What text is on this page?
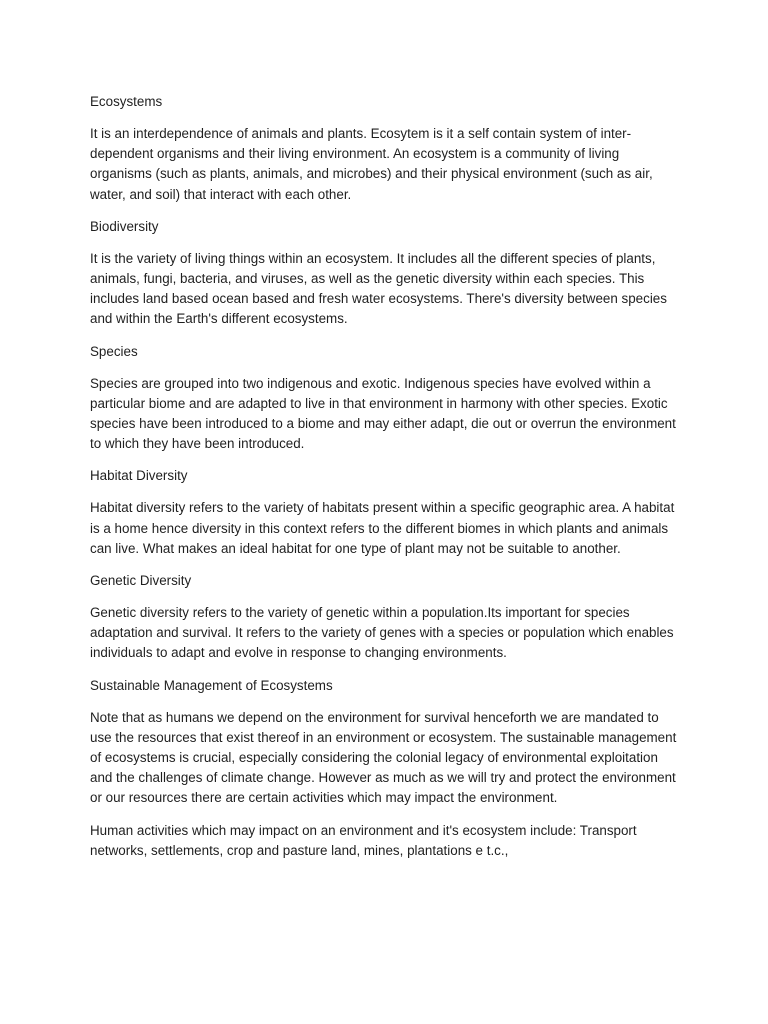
Ecosystems

It is an interdependence of animals and plants. Ecosytem is it a self contain system of inter-dependent organisms and their living environment. An ecosystem is a community of living organisms (such as plants, animals, and microbes) and their physical environment (such as air, water, and soil) that interact with each other.

Biodiversity

It is the variety of living things within an ecosystem. It includes all the different species of plants, animals, fungi, bacteria, and viruses, as well as the genetic diversity within each species. This includes land based ocean based and fresh water ecosystems. There's diversity between species and within the Earth's different ecosystems.

Species

Species are grouped into two indigenous and exotic. Indigenous species have evolved within a particular biome and are adapted to live in that environment in harmony with other species. Exotic species have been introduced to a biome and may either adapt, die out or overrun the environment to which they have been introduced.

Habitat Diversity

Habitat diversity refers to the variety of habitats present within a specific geographic area. A habitat is a home hence diversity in this context refers to the different biomes in which plants and animals can live. What makes an ideal habitat for one type of plant may not be suitable to another.

Genetic Diversity

Genetic diversity refers to the variety of genetic within a population.Its important for species adaptation and survival. It refers to the variety of genes with a species or population which enables individuals to adapt and evolve in response to changing environments.

Sustainable Management of Ecosystems

Note that as humans we depend on the environment for survival henceforth we are mandated to use the resources that exist thereof in an environment or ecosystem. The sustainable management of ecosystems is crucial, especially considering the colonial legacy of environmental exploitation and the challenges of climate change. However as much as we will try and protect the environment or our resources there are certain activities which may impact the environment.

Human activities which may impact on an environment and it's ecosystem include: Transport networks, settlements, crop and pasture land, mines, plantations e t.c.,
